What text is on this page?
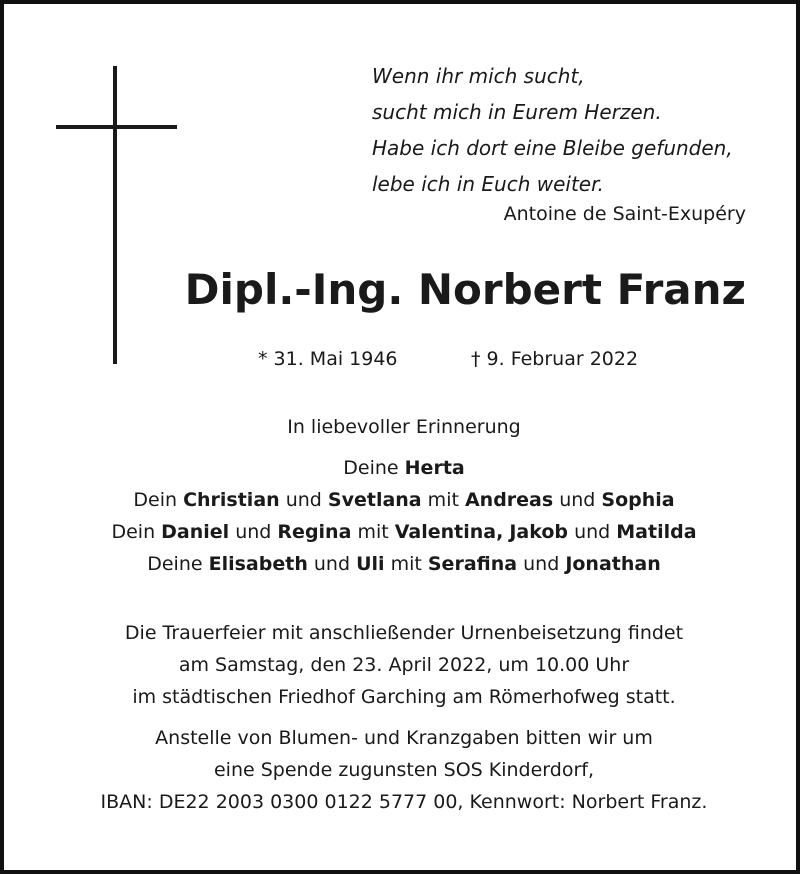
Wenn ihr mich sucht,
sucht mich in Eurem Herzen.
Habe ich dort eine Bleibe gefunden,
lebe ich in Euch weiter.
Antoine de Saint-Exupéry
Dipl.-Ing. Norbert Franz
* 31. Mai 1946	† 9. Februar 2022
In liebevoller Erinnerung
Deine Herta
Dein Christian und Svetlana mit Andreas und Sophia
Dein Daniel und Regina mit Valentina, Jakob und Matilda
Deine Elisabeth und Uli mit Serafina und Jonathan
Die Trauerfeier mit anschließender Urnenbeisetzung findet
am Samstag, den 23. April 2022, um 10.00 Uhr
im städtischen Friedhof Garching am Römerhofweg statt.
Anstelle von Blumen- und Kranzgaben bitten wir um
eine Spende zugunsten SOS Kinderdorf,
IBAN: DE22 2003 0300 0122 5777 00, Kennwort: Norbert Franz.
